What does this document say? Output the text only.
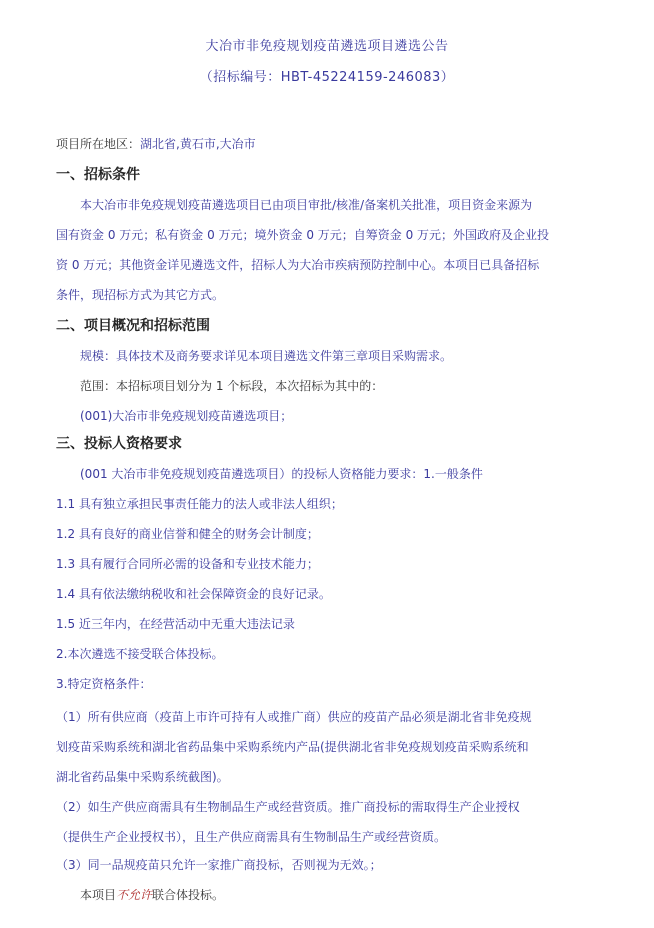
大冶市非免疫规划疫苗遴选项目遴选公告
（招标编号：HBT-45224159-246083）
项目所在地区：湖北省,黄石市,大冶市
一、招标条件
本大冶市非免疫规划疫苗遴选项目已由项目审批/核准/备案机关批准，项目资金来源为
国有资金 0 万元；私有资金 0 万元；境外资金 0 万元；自筹资金 0 万元；外国政府及企业投
资 0 万元；其他资金详见遴选文件，招标人为大冶市疾病预防控制中心。本项目已具备招标
条件，现招标方式为其它方式。
二、项目概况和招标范围
规模：具体技术及商务要求详见本项目遴选文件第三章项目采购需求。
范围：本招标项目划分为 1 个标段，本次招标为其中的：
(001)大冶市非免疫规划疫苗遴选项目；
三、投标人资格要求
(001 大冶市非免疫规划疫苗遴选项目）的投标人资格能力要求：1.一般条件
1.1 具有独立承担民事责任能力的法人或非法人组织；
1.2 具有良好的商业信誉和健全的财务会计制度；
1.3 具有履行合同所必需的设备和专业技术能力；
1.4 具有依法缴纳税收和社会保障资金的良好记录。
1.5 近三年内，在经营活动中无重大违法记录
2.本次遴选不接受联合体投标。
3.特定资格条件：
（1）所有供应商（疫苗上市许可持有人或推广商）供应的疫苗产品必须是湖北省非免疫规
划疫苗采购系统和湖北省药品集中采购系统内产品(提供湖北省非免疫规划疫苗采购系统和
湖北省药品集中采购系统截图)。
（2）如生产供应商需具有生物制品生产或经营资质。推广商投标的需取得生产企业授权
（提供生产企业授权书），且生产供应商需具有生物制品生产或经营资质。
（3）同一品规疫苗只允许一家推广商投标，否则视为无效。；
本项目不允许联合体投标。
